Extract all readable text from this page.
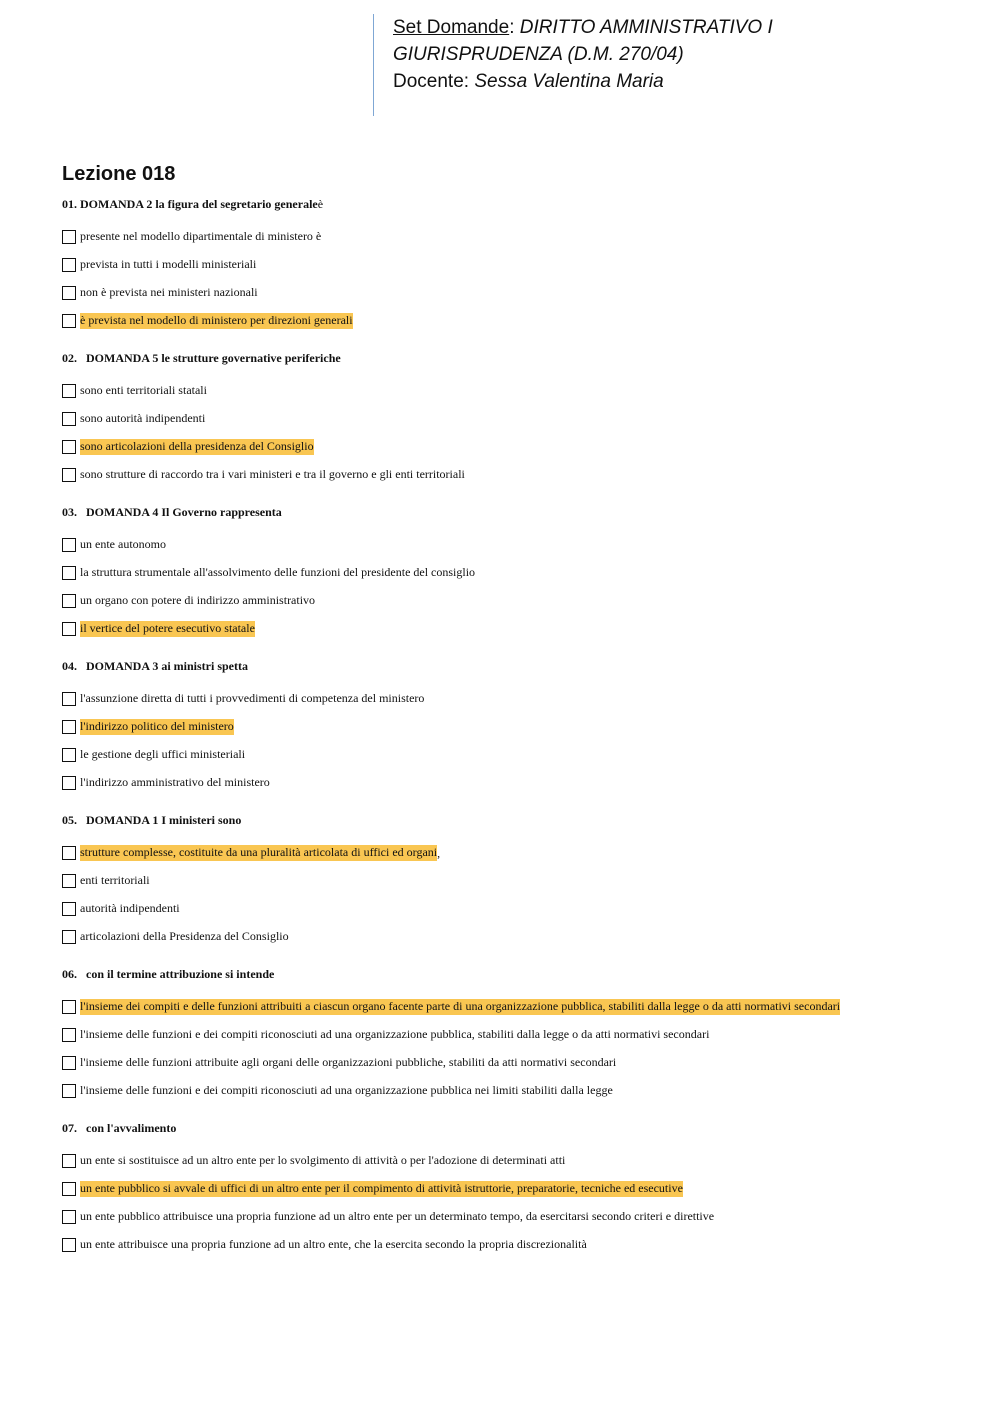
Set Domande: DIRITTO AMMINISTRATIVO I
GIURISPRUDENZA (D.M. 270/04)
Docente: Sessa Valentina Maria
Lezione 018
01. DOMANDA 2 la figura del segretario generaleè
presente nel modello dipartimentale di ministero è
prevista in tutti i modelli ministeriali
non è prevista nei ministeri nazionali
è prevista nel modello di ministero per direzioni generali
02.   DOMANDA 5 le strutture governative periferiche
sono enti territoriali statali
sono autorità indipendenti
sono articolazioni della presidenza del Consiglio
sono strutture di raccordo tra i vari ministeri e tra il governo e gli enti territoriali
03.   DOMANDA 4 Il Governo rappresenta
un ente autonomo
la struttura strumentale all'assolvimento delle funzioni del presidente del consiglio
un organo con potere di indirizzo amministrativo
il vertice del potere esecutivo statale
04.   DOMANDA 3 ai ministri spetta
l'assunzione diretta di tutti i provvedimenti di competenza del ministero
l'indirizzo politico del ministero
le gestione degli uffici ministeriali
l'indirizzo amministrativo del ministero
05.   DOMANDA 1 I ministeri sono
strutture complesse, costituite da una pluralità articolata di uffici ed organi ,
enti territoriali
autorità indipendenti
articolazioni della Presidenza del Consiglio
06.   con il termine attribuzione si intende
l'insieme dei compiti e delle funzioni attribuiti a ciascun organo facente parte di una organizzazione pubblica, stabiliti dalla legge o da atti normativi secondari
l'insieme delle funzioni e dei compiti riconosciuti ad una organizzazione pubblica, stabiliti dalla legge o da atti normativi secondari
l'insieme delle funzioni attribuite agli organi delle organizzazioni pubbliche, stabiliti da atti normativi secondari
l'insieme delle funzioni e dei compiti riconosciuti ad una organizzazione pubblica nei limiti stabiliti dalla legge
07.   con l'avvalimento
un ente si sostituisce ad un altro ente per lo svolgimento di attività o per l'adozione di determinati atti
un ente pubblico si avvale di uffici di un altro ente per il compimento di attività istruttorie, preparatorie, tecniche ed esecutive
un ente pubblico attribuisce una propria funzione ad un altro ente per un determinato tempo, da esercitarsi secondo criteri e direttive
un ente attribuisce una propria funzione ad un altro ente, che la esercita secondo la propria discrezionalità
